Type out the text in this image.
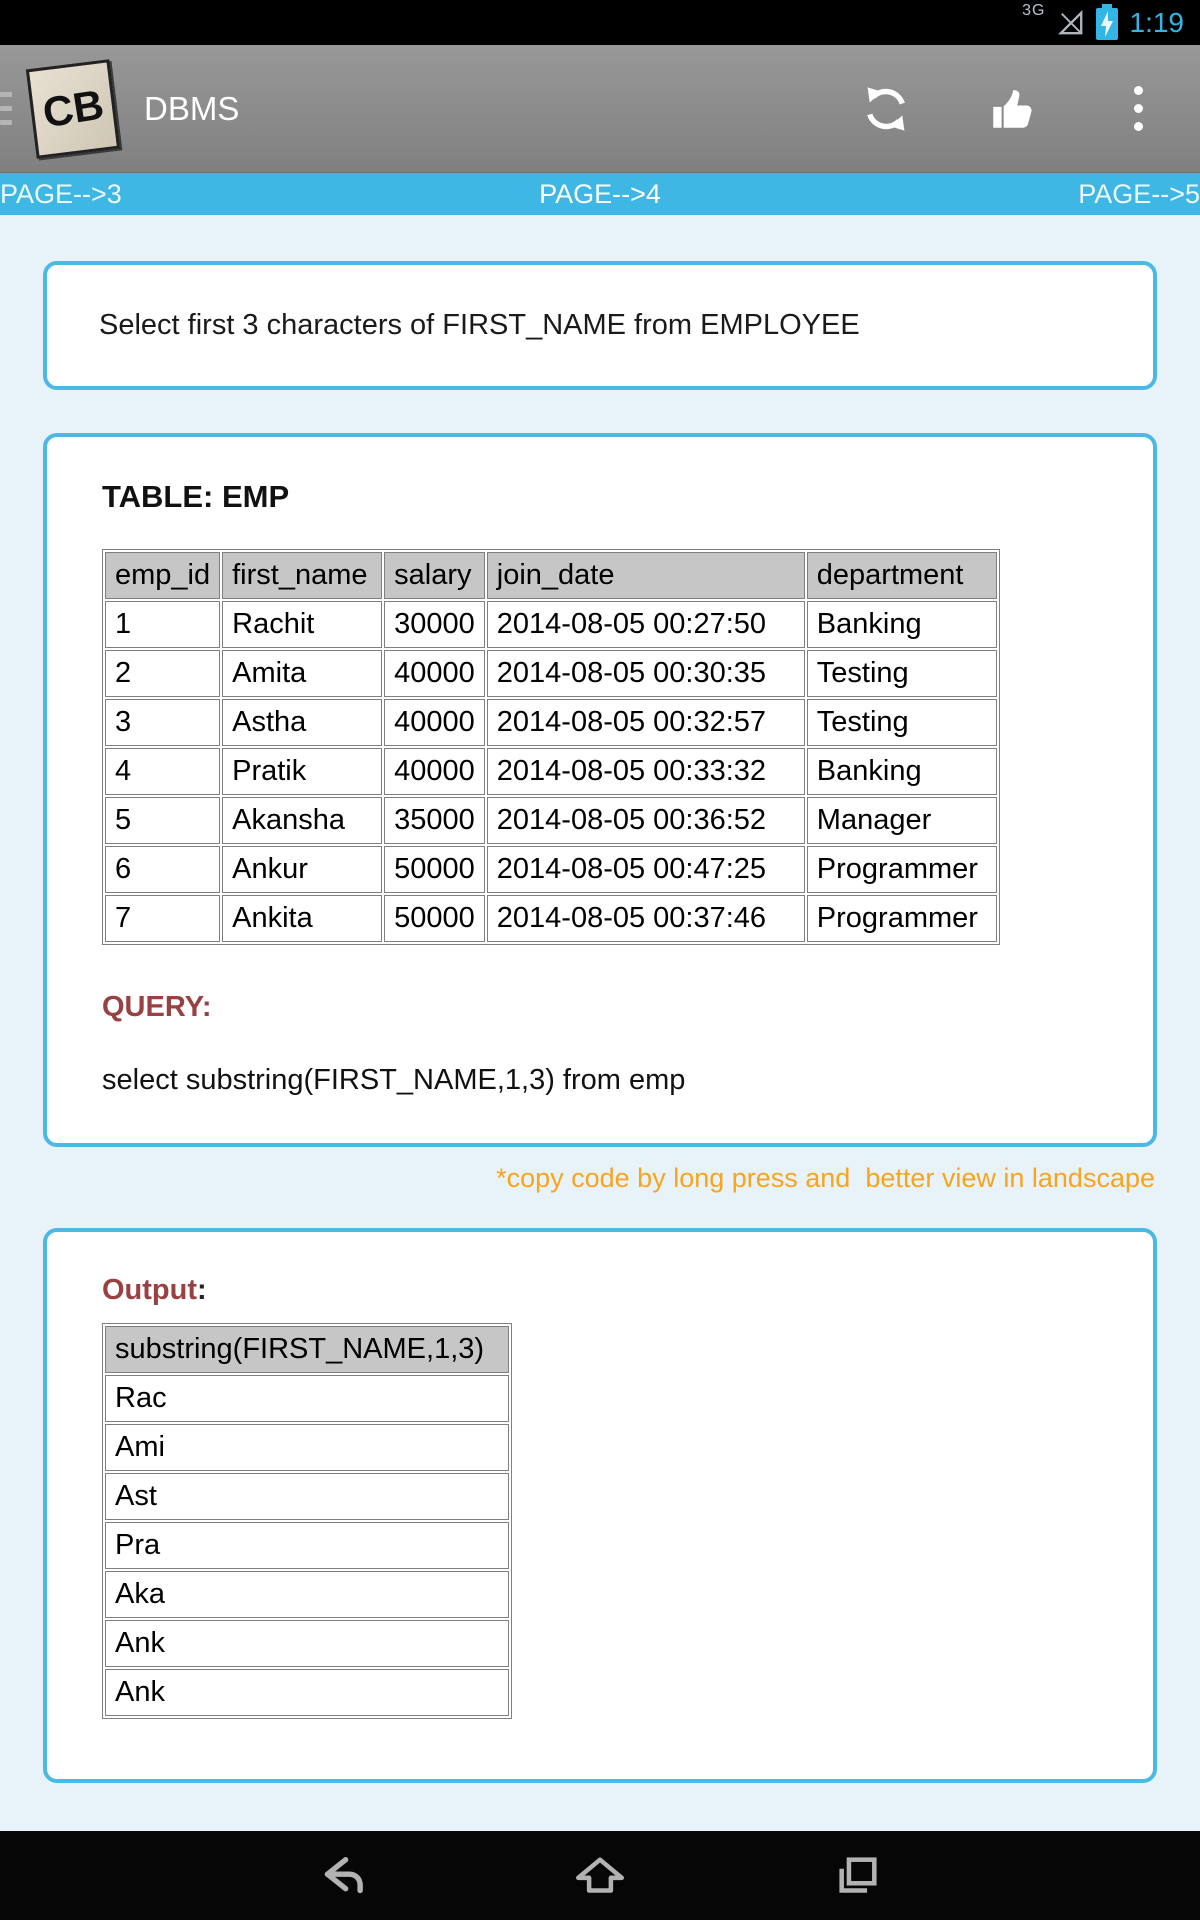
3G	1:19
CB DBMS
PAGE-->3	PAGE-->4	PAGE-->5
Select first 3 characters of FIRST_NAME from EMPLOYEE
TABLE: EMP
emp_id	first_name	salary	join_date	department
1	Rachit	30000	2014-08-05 00:27:50	Banking
2	Amita	40000	2014-08-05 00:30:35	Testing
3	Astha	40000	2014-08-05 00:32:57	Testing
4	Pratik	40000	2014-08-05 00:33:32	Banking
5	Akansha	35000	2014-08-05 00:36:52	Manager
6	Ankur	50000	2014-08-05 00:47:25	Programmer
7	Ankita	50000	2014-08-05 00:37:46	Programmer
QUERY:
select substring(FIRST_NAME,1,3) from emp
*copy code by long press and  better view in landscape
Output:
substring(FIRST_NAME,1,3)
Rac
Ami
Ast
Pra
Aka
Ank
Ank
